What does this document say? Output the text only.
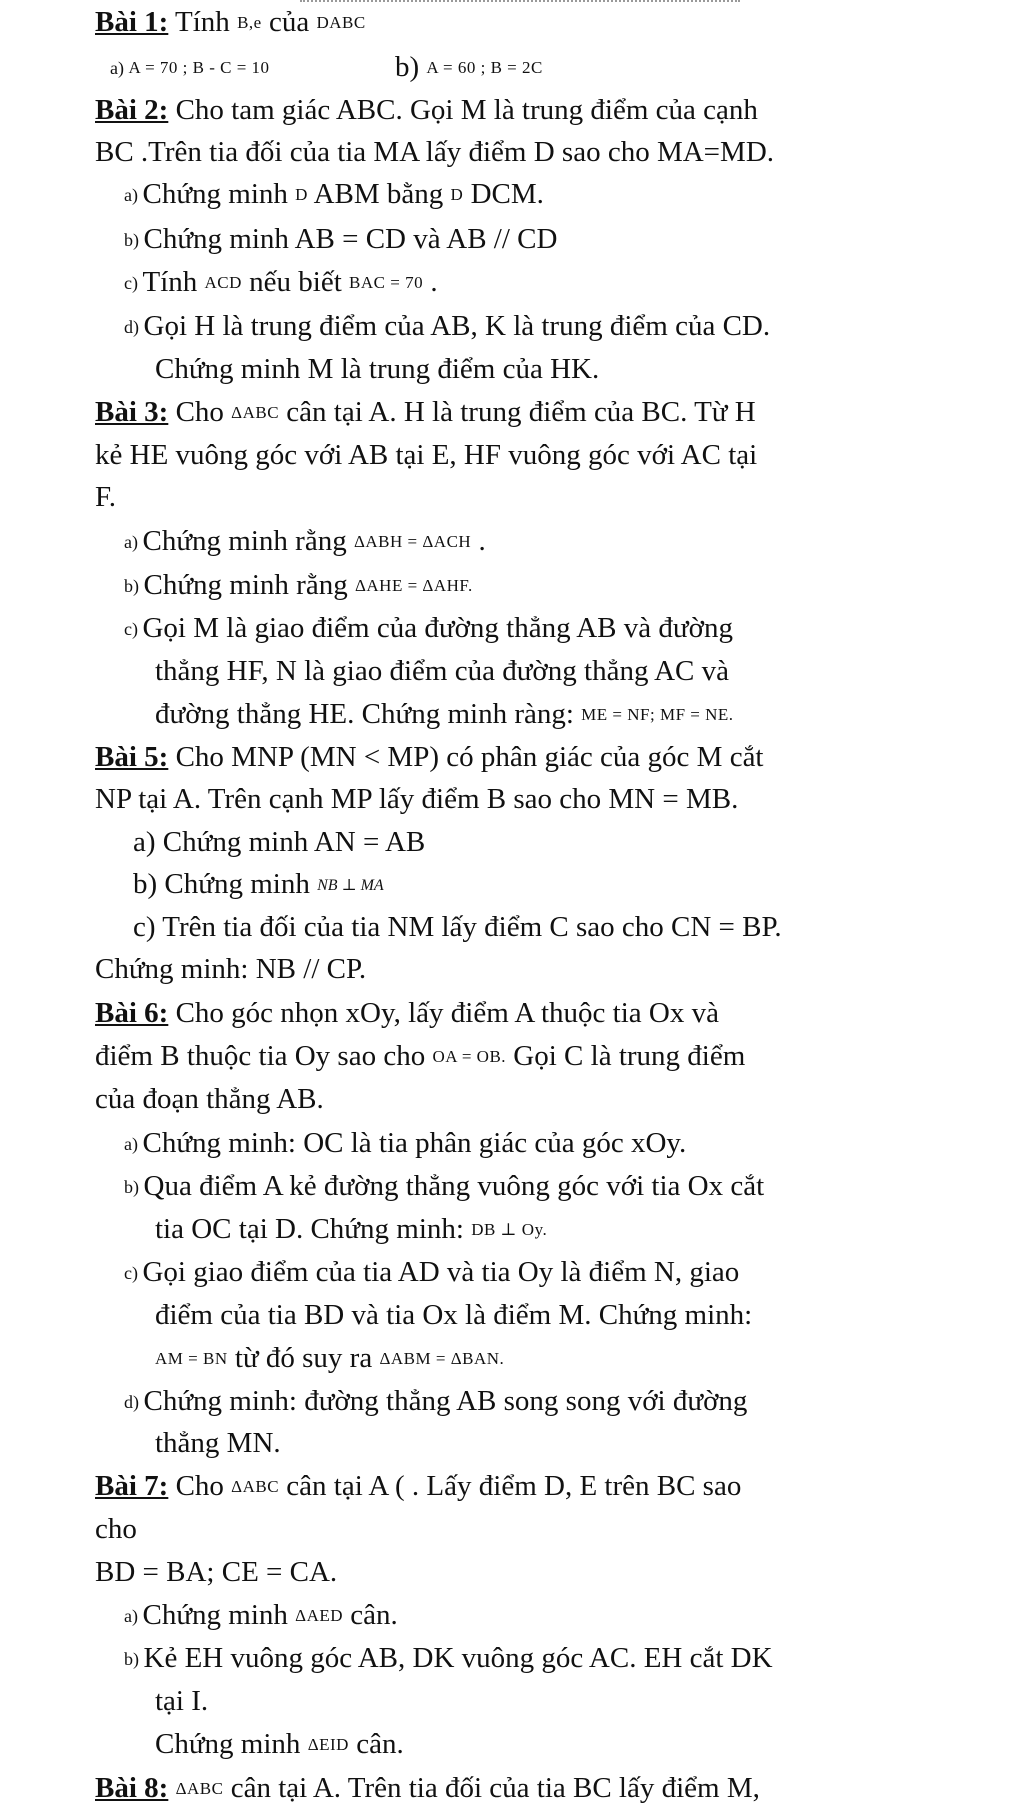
Bài 1: Tính B,e của DABC
a) A = 70 ; B - C = 10	b) A = 60 ; B = 2C
Bài 2: Cho tam giác ABC. Gọi M là trung điểm của cạnh
BC .Trên tia đối của tia MA lấy điểm D sao cho MA=MD.
a) Chứng minh D ABM bằng D DCM.
b) Chứng minh AB = CD và AB // CD
c) Tính ACD nếu biết BAC = 70 .
d) Gọi H là trung điểm của AB, K là trung điểm của CD.
Chứng minh M là trung điểm của HK.
Bài 3: Cho ΔABC cân tại A. H là trung điểm của BC. Từ H
kẻ HE vuông góc với AB tại E, HF vuông góc với AC tại
F.
a) Chứng minh rằng ΔABH = ΔACH .
b) Chứng minh rằng ΔAHE = ΔAHF.
c) Gọi M là giao điểm của đường thẳng AB và đường
thẳng HF, N là giao điểm của đường thẳng AC và
đường thẳng HE. Chứng minh ràng: ME = NF; MF = NE.
Bài 5: Cho MNP (MN < MP) có phân giác của góc M cắt
NP tại A. Trên cạnh MP lấy điểm B sao cho MN = MB.
a) Chứng minh AN = AB
b) Chứng minh NB ⊥ MA
c) Trên tia đối của tia NM lấy điểm C sao cho CN = BP.
Chứng minh: NB // CP.
Bài 6: Cho góc nhọn xOy, lấy điểm A thuộc tia Ox và
điểm B thuộc tia Oy sao cho OA = OB. Gọi C là trung điểm
của đoạn thẳng AB.
a) Chứng minh: OC là tia phân giác của góc xOy.
b) Qua điểm A kẻ đường thẳng vuông góc với tia Ox cắt
tia OC tại D. Chứng minh: DB ⊥ Oy.
c) Gọi giao điểm của tia AD và tia Oy là điểm N, giao
điểm của tia BD và tia Ox là điểm M. Chứng minh:
AM = BN từ đó suy ra ΔABM = ΔBAN.
d) Chứng minh: đường thẳng AB song song với đường
thẳng MN.
Bài 7: Cho ΔABC cân tại A ( . Lấy điểm D, E trên BC sao
cho
BD = BA; CE = CA.
a) Chứng minh ΔAED cân.
b) Kẻ EH vuông góc AB, DK vuông góc AC. EH cắt DK
tại I.
Chứng minh ΔEID cân.
Bài 8: ΔABC cân tại A. Trên tia đối của tia BC lấy điểm M,
